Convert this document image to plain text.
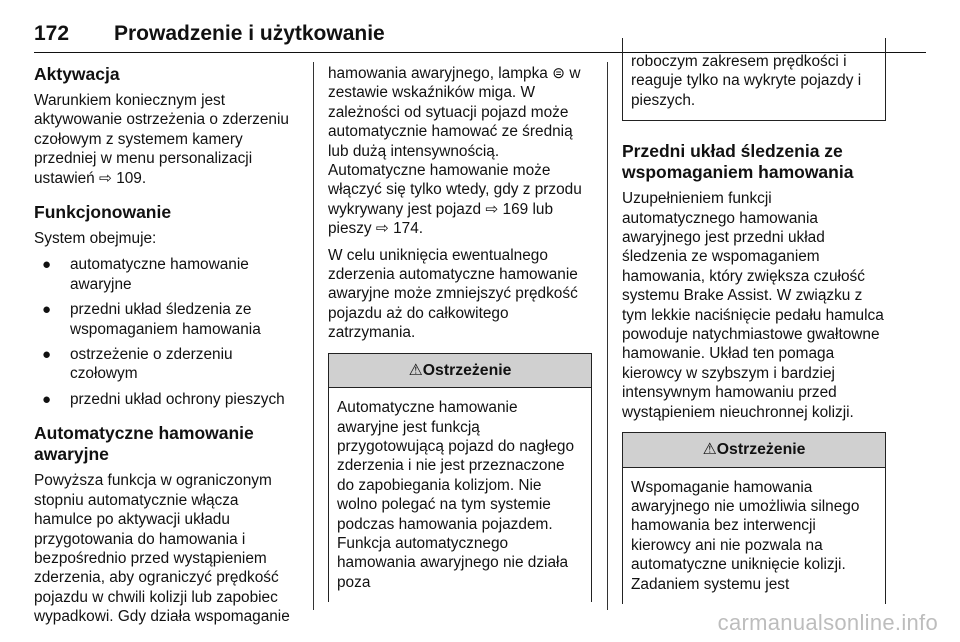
172 Prowadzenie i użytkowanie
Aktywacja

Warunkiem koniecznym jest aktywowanie ostrzeżenia o zderzeniu czołowym z systemem kamery przedniej w menu personalizacji ustawień ⇨ 109.

Funkcjonowanie

System obejmuje:

● automatyczne hamowanie awaryjne
● przedni układ śledzenia ze wspomaganiem hamowania
● ostrzeżenie o zderzeniu czołowym
● przedni układ ochrony pieszych
Automatyczne hamowanie awaryjne

Powyższa funkcja w ograniczonym stopniu automatycznie włącza hamulce po aktywacji układu przygotowania do hamowania i bezpośrednio przed wystąpieniem zderzenia, aby ograniczyć prędkość pojazdu w chwili kolizji lub zapobiec wypadkowi. Gdy działa wspomaganie

hamowania awaryjnego, lampka ⊜ w zestawie wskaźników miga. W zależności od sytuacji pojazd może automatycznie hamować ze średnią lub dużą intensywnością. Automatyczne hamowanie może włączyć się tylko wtedy, gdy z przodu wykrywany jest pojazd ⇨ 169 lub pieszy ⇨ 174.

W celu uniknięcia ewentualnego zderzenia automatyczne hamowanie awaryjne może zmniejszyć prędkość pojazdu aż do całkowitego zatrzymania.

⚠Ostrzeżenie
Automatyczne hamowanie awaryjne jest funkcją przygotowującą pojazd do nagłego zderzenia i nie jest przeznaczone do zapobiegania kolizjom. Nie wolno polegać na tym systemie podczas hamowania pojazdem. Funkcja automatycznego hamowania awaryjnego nie działa poza
roboczym zakresem prędkości i reaguje tylko na wykryte pojazdy i pieszych.
Przedni układ śledzenia ze wspomaganiem hamowania

Uzupełnieniem funkcji automatycznego hamowania awaryjnego jest przedni układ śledzenia ze wspomaganiem hamowania, który zwiększa czułość systemu Brake Assist. W związku z tym lekkie naciśnięcie pedału hamulca powoduje natychmiastowe gwałtowne hamowanie. Układ ten pomaga kierowcy w szybszym i bardziej intensywnym hamowaniu przed wystąpieniem nieuchronnej kolizji.

⚠Ostrzeżenie
Wspomaganie hamowania awaryjnego nie umożliwia silnego hamowania bez interwencji kierowcy ani nie pozwala na automatyczne uniknięcie kolizji. Zadaniem systemu jest
carmanualsonline.info
